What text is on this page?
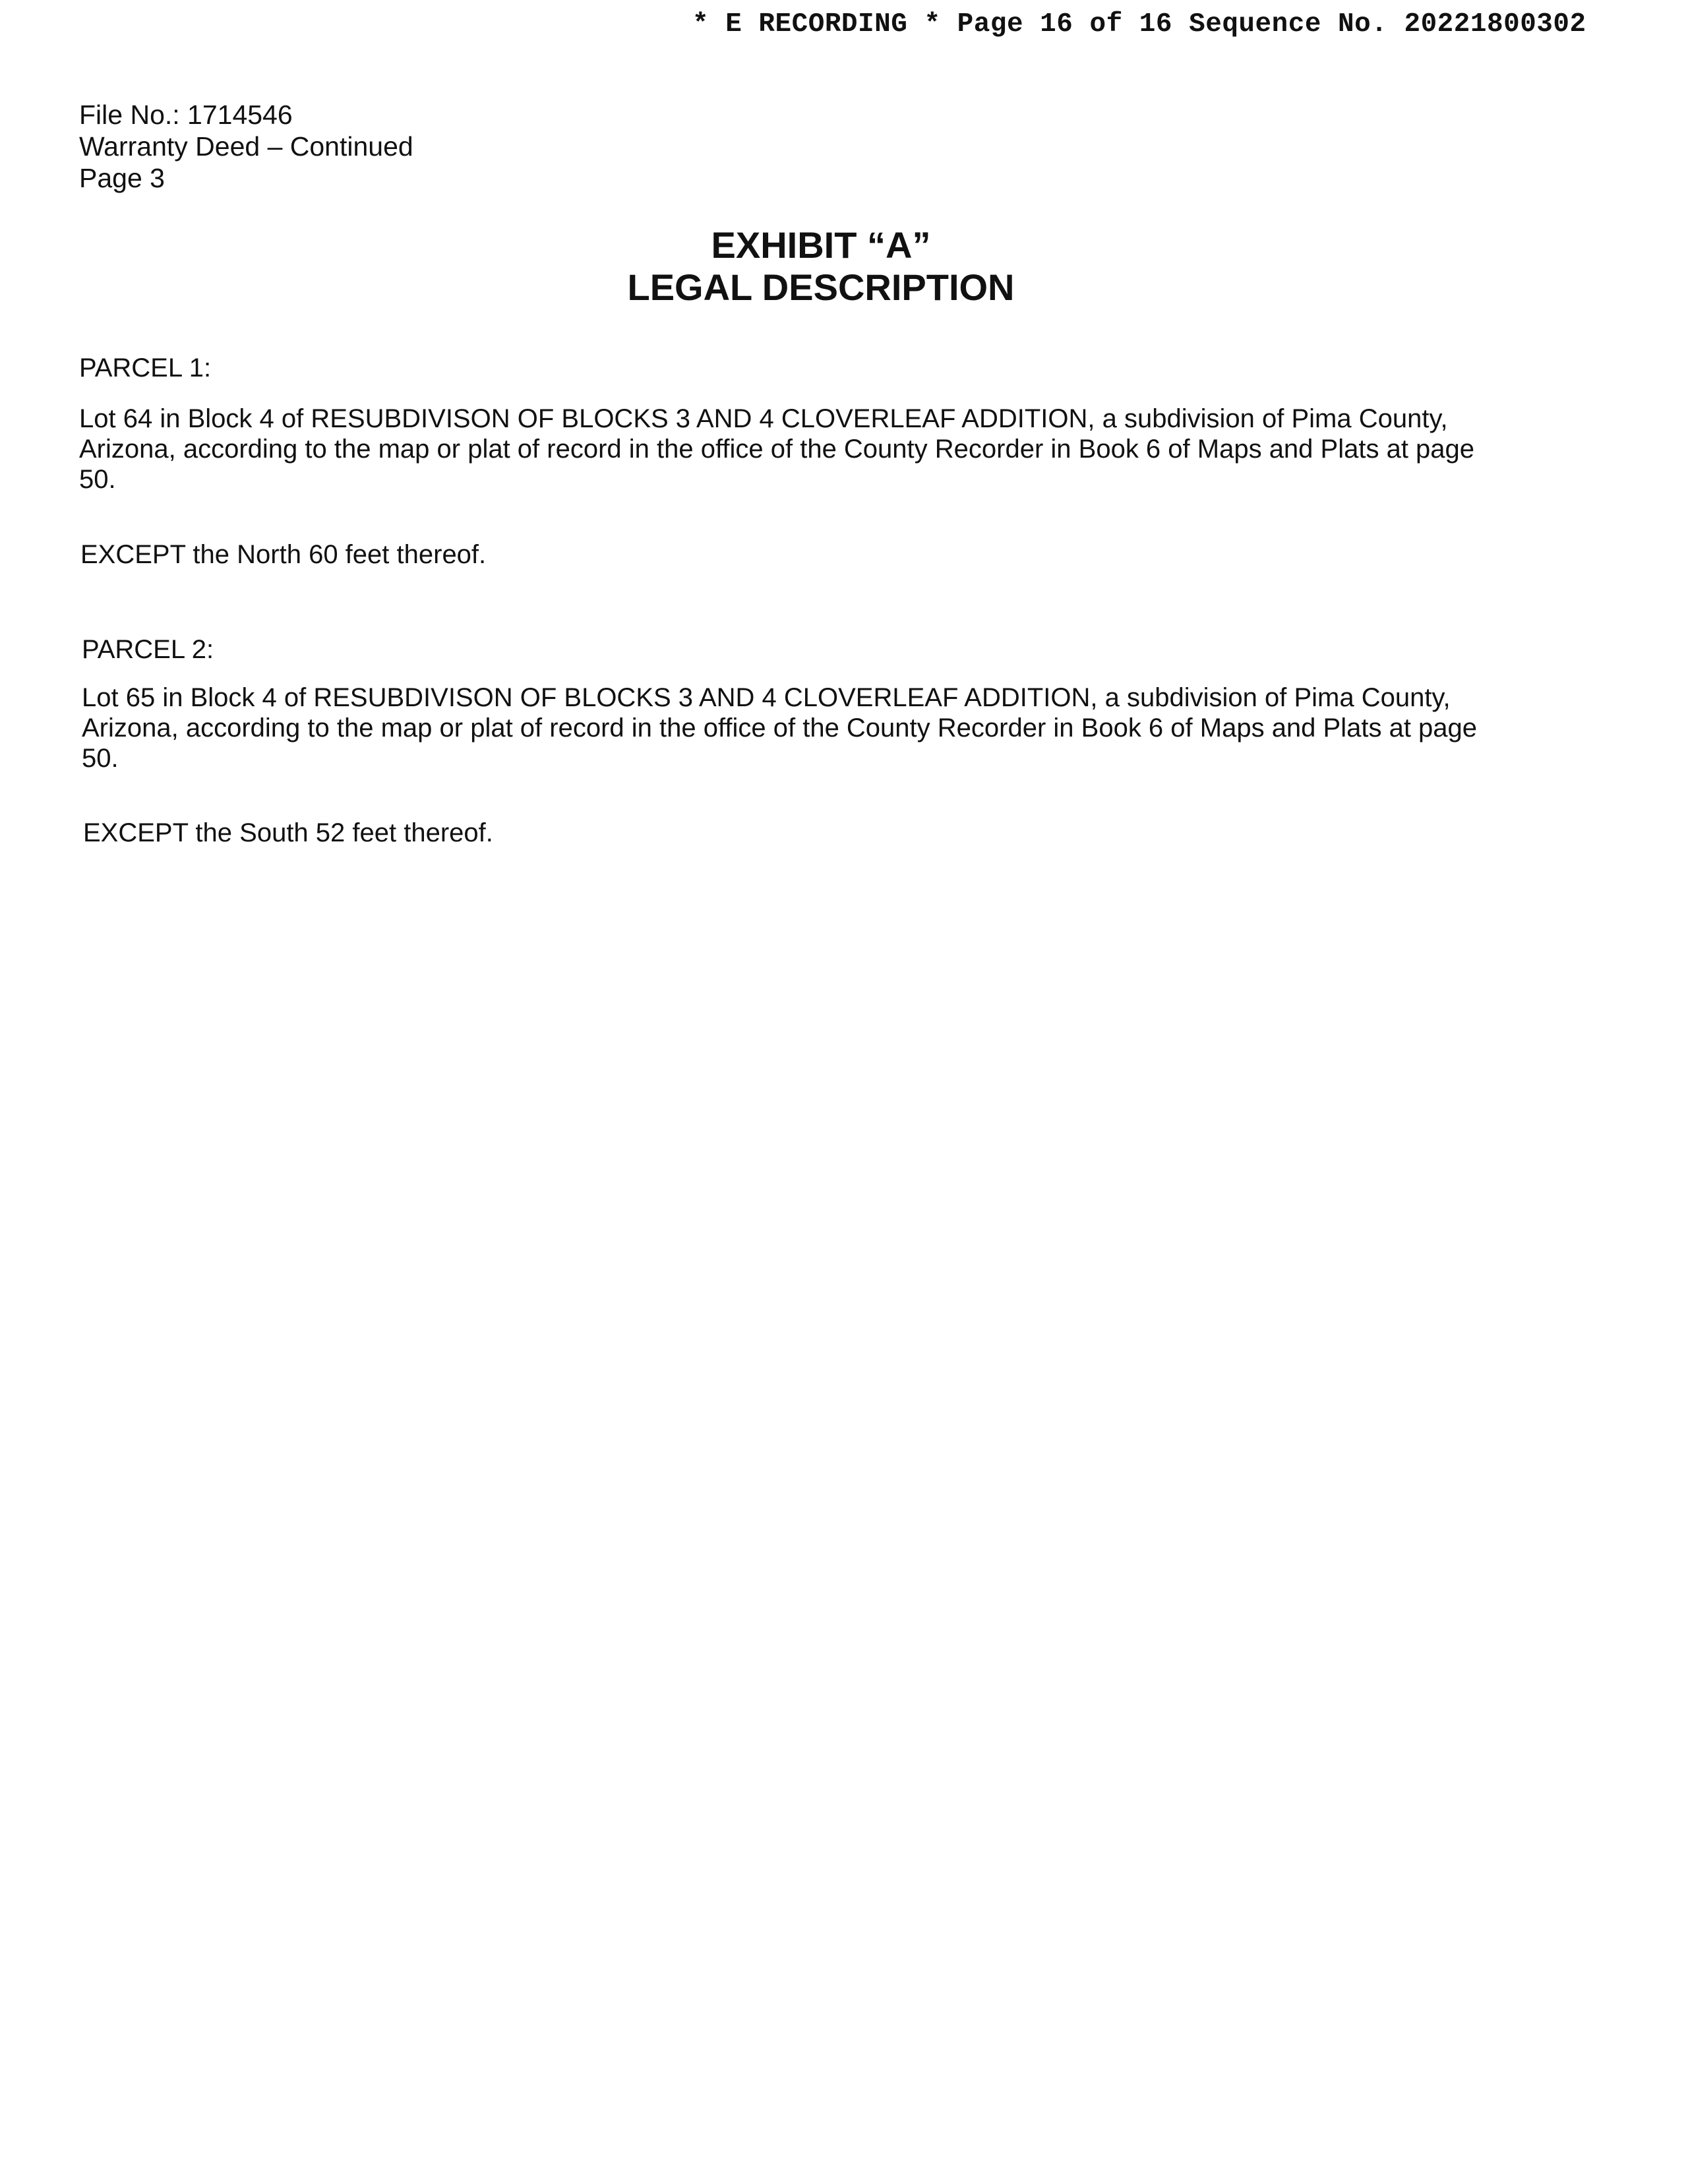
* E RECORDING * Page 16 of 16 Sequence No. 20221800302
File No.: 1714546
Warranty Deed – Continued
Page 3
EXHIBIT “A”
LEGAL DESCRIPTION
PARCEL 1:
Lot 64 in Block 4 of RESUBDIVISON OF BLOCKS 3 AND 4 CLOVERLEAF ADDITION, a subdivision of Pima County,
Arizona, according to the map or plat of record in the office of the County Recorder in Book 6 of Maps and Plats at page
50.
EXCEPT the North 60 feet thereof.
PARCEL 2:
Lot 65 in Block 4 of RESUBDIVISON OF BLOCKS 3 AND 4 CLOVERLEAF ADDITION, a subdivision of Pima County,
Arizona, according to the map or plat of record in the office of the County Recorder in Book 6 of Maps and Plats at page
50.
EXCEPT the South 52 feet thereof.
